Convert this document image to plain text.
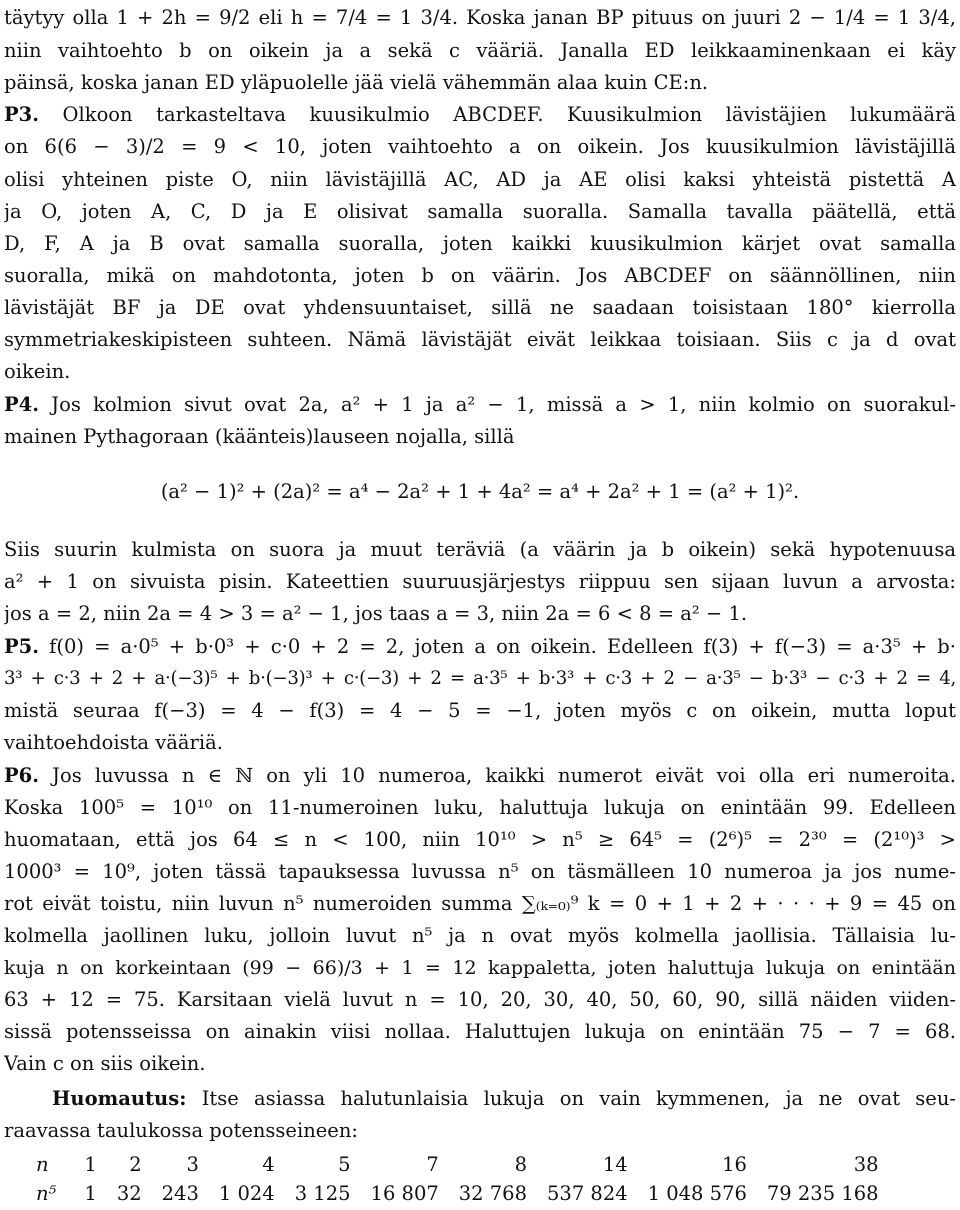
täytyy olla 1 + 2h = 9/2 eli h = 7/4 = 1 3/4. Koska janan BP pituus on juuri 2 − 1/4 = 1 3/4,
niin vaihtoehto b on oikein ja a sekä c vääriä. Janalla ED leikkaaminenkaan ei käy
päinsä, koska janan ED yläpuolelle jää vielä vähemmän alaa kuin CE:n.
P3. Olkoon tarkasteltava kuusikulmio ABCDEF. Kuusikulmion lävistäjien lukumäärä
on 6(6 − 3)/2 = 9 < 10, joten vaihtoehto a on oikein. Jos kuusikulmion lävistäjillä
olisi yhteinen piste O, niin lävistäjillä AC, AD ja AE olisi kaksi yhteistä pistettä A
ja O, joten A, C, D ja E olisivat samalla suoralla. Samalla tavalla päätellä, että
D, F, A ja B ovat samalla suoralla, joten kaikki kuusikulmion kärjet ovat samalla
suoralla, mikä on mahdotonta, joten b on väärin. Jos ABCDEF on säännöllinen, niin
lävistäjät BF ja DE ovat yhdensuuntaiset, sillä ne saadaan toisistaan 180° kierrolla
symmetriakeskipisteen suhteen. Nämä lävistäjät eivät leikkaa toisiaan. Siis c ja d ovat
oikein.
P4. Jos kolmion sivut ovat 2a, a² + 1 ja a² − 1, missä a > 1, niin kolmio on suorakul-
mainen Pythagoraan (käänteis)lauseen nojalla, sillä
(a² − 1)² + (2a)² = a⁴ − 2a² + 1 + 4a² = a⁴ + 2a² + 1 = (a² + 1)².
Siis suurin kulmista on suora ja muut teräviä (a väärin ja b oikein) sekä hypotenuusa
a² + 1 on sivuista pisin. Kateettien suuruusjärjestys riippuu sen sijaan luvun a arvosta:
jos a = 2, niin 2a = 4 > 3 = a² − 1, jos taas a = 3, niin 2a = 6 < 8 = a² − 1.
P5. f(0) = a·0⁵ + b·0³ + c·0 + 2 = 2, joten a on oikein. Edelleen f(3) + f(−3) = a·3⁵ + b·
3³ + c·3 + 2 + a·(−3)⁵ + b·(−3)³ + c·(−3) + 2 = a·3⁵ + b·3³ + c·3 + 2 − a·3⁵ − b·3³ − c·3 + 2 = 4,
mistä seuraa f(−3) = 4 − f(3) = 4 − 5 = −1, joten myös c on oikein, mutta loput
vaihtoehdoista vääriä.
P6. Jos luvussa n ∈ ℕ on yli 10 numeroa, kaikki numerot eivät voi olla eri numeroita.
Koska 100⁵ = 10¹⁰ on 11-numeroinen luku, haluttuja lukuja on enintään 99. Edelleen
huomataan, että jos 64 ≤ n < 100, niin 10¹⁰ > n⁵ ≥ 64⁵ = (2⁶)⁵ = 2³⁰ = (2¹⁰)³ >
1000³ = 10⁹, joten tässä tapauksessa luvussa n⁵ on täsmälleen 10 numeroa ja jos nume-
rot eivät toistu, niin luvun n⁵ numeroiden summa ∑₍ₖ₌₀₎⁹ k = 0 + 1 + 2 + · · · + 9 = 45 on
kolmella jaollinen luku, jolloin luvut n⁵ ja n ovat myös kolmella jaollisia. Tällaisia lu-
kuja n on korkeintaan (99 − 66)/3 + 1 = 12 kappaletta, joten haluttuja lukuja on enintään
63 + 12 = 75. Karsitaan vielä luvut n = 10, 20, 30, 40, 50, 60, 90, sillä näiden viiden-
sissä potensseissa on ainakin viisi nollaa. Haluttujen lukuja on enintään 75 − 7 = 68.
Vain c on siis oikein.
Huomautus: Itse asiassa halutunlaisia lukuja on vain kymmenen, ja ne ovat seu-
raavassa taulukossa potensseineen:
n	1	2	3	4	5	7	8	14	16	38
n⁵	1	32	243	1 024	3 125	16 807	32 768	537 824	1 048 576	79 235 168
